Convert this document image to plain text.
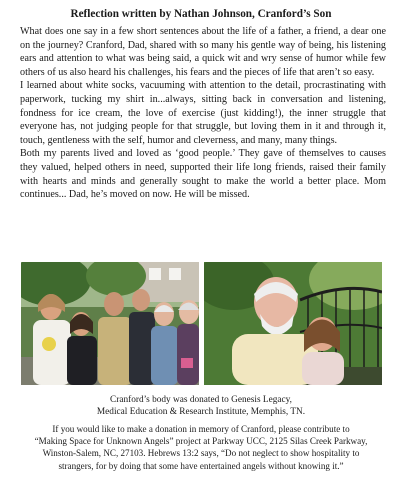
Reflection written by Nathan Johnson, Cranford’s Son

What does one say in a few short sentences about the life of a father, a friend, a dear one on the journey? Cranford, Dad, shared with so many his gentle way of being, his listening ears and attention to what was being said, a quick wit and wry sense of humor while few others of us also heard his challenges, his fears and the pieces of life that aren’t so easy.

I learned about white socks, vacuuming with attention to the detail, procrastinating with paperwork, tucking my shirt in...always, sitting back in conversation and listening, fondness for ice cream, the love of exercise (just kidding!), the inner struggle that everyone has, not judging people for that struggle, but loving them in it and through it, touch, gentleness with the self, humor and cleverness, and many, many things.

Both my parents lived and loved as ‘good people.’ They gave of themselves to causes they valued, helped others in need, supported their life long friends, raised their family with hearts and minds and generally sought to make the world a better place. Mom continues... Dad, he’s moved on now. He will be missed.

Cranford’s body was donated to Genesis Legacy,
Medical Education & Research Institute, Memphis, TN.
If you would like to make a donation in memory of Cranford, please contribute to
“Making Space for Unknown Angels” project at Parkway UCC, 2125 Silas Creek Parkway,
Winston-Salem, NC, 27103. Hebrews 13:2 says, “Do not neglect to show hospitality to
strangers, for by doing that some have entertained angels without knowing it.”
